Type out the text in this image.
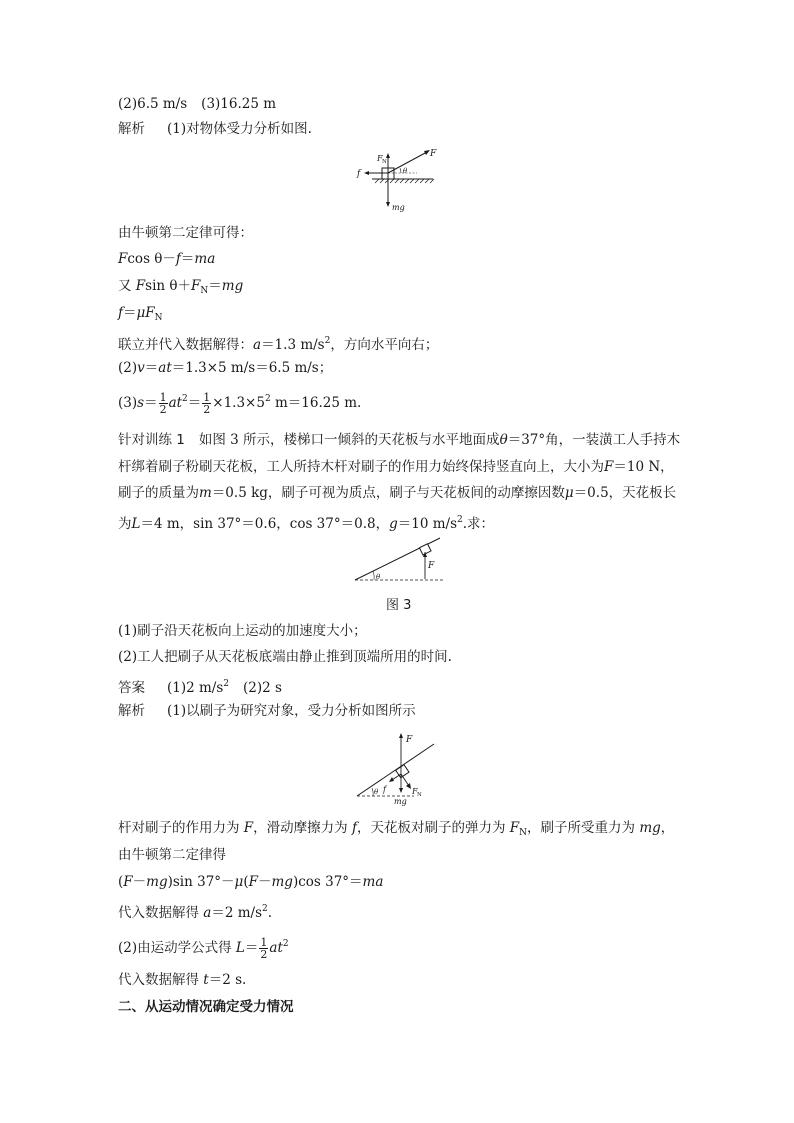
(2)6.5 m/s (3)16.25 m
解析 (1)对物体受力分析如图.
F N
F
f	θ
mg
由牛顿第二定律可得：
Fcos θ－f＝ma
又 Fsin $\theta+F_N=mg$
$f=\mu F_N$
联立并代入数据解得：a＝1.3 $m/s^2$，方向水平向右；
(2)v＝at＝1.3×5 m/s＝6.5 m/s；
$(3)s= \frac{1}{2} at^2= \frac{1}{2} \times 1.3\times 5^2$ m＝16.25 m.
针对训练 1 如图 3 所示，楼梯口一倾斜的天花板与水平地面成θ＝37°角，一装潢工人手持木
杆绑着刷子粉刷天花板，工人所持木杆对刷子的作用力始终保持竖直向上，大小为F＝10 N，
刷子的质量为m＝0.5 kg，刷子可视为质点，刷子与天花板间的动摩擦因数μ＝0.5，天花板长
为L＝4 m，sin 37°＝0.6，cos 37°＝0.8，g＝10 $m/s^2$.求：
F
θ
图 3
(1)刷子沿天花板向上运动的加速度大小；
(2)工人把刷子从天花板底端由静止推到顶端所用的时间.
答案 (1)2 $m/s^2$ (2)2 s
解析 (1)以刷子为研究对象，受力分析如图所示
F
θ f	F N
mg
杆对刷子的作用力为 F，滑动摩擦力为 f，天花板对刷子的弹力为 $F_N$，刷子所受重力为 mg，
由牛顿第二定律得
(F－mg)sin 37°－μ(F－mg)cos 37°＝ma
代入数据解得 a＝2 $m/s^2$.
(2)由运动学公式得 $L= \frac{1}{2} at^2$
代入数据解得 t＝2 s.
二、从运动情况确定受力情况
